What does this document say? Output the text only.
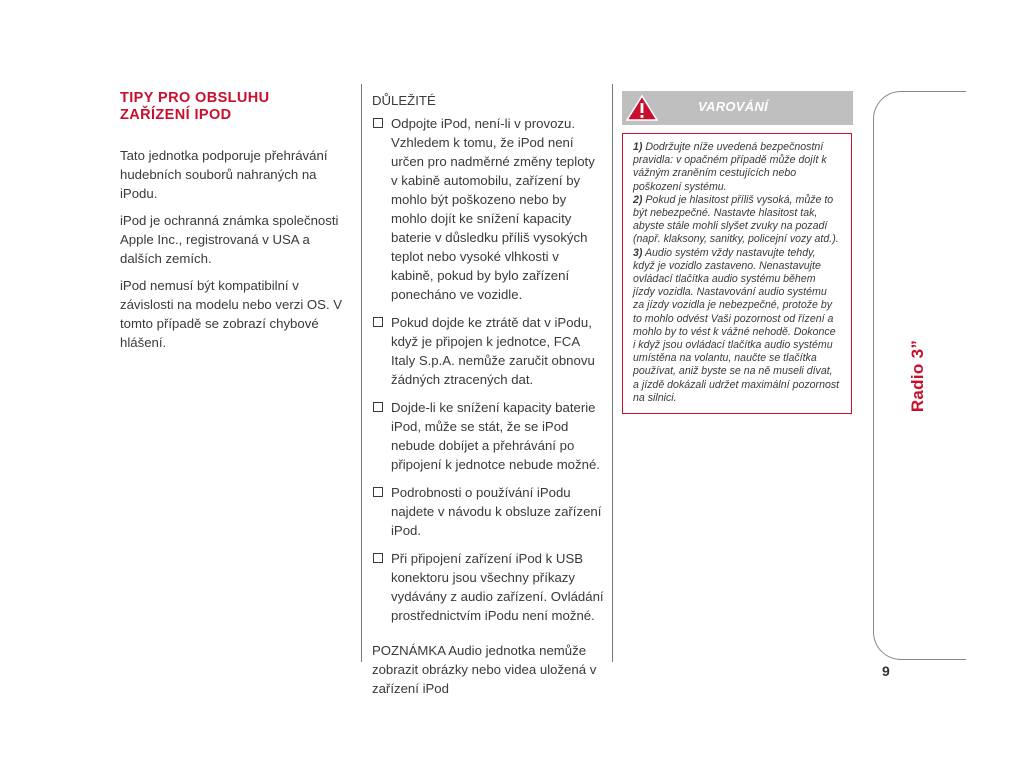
TIPY PRO OBSLUHU
ZAŘÍZENÍ IPOD

Tato jednotka podporuje přehrávání hudebních souborů nahraných na iPodu.

iPod je ochranná známka společnosti Apple Inc., registrovaná v USA a dalších zemích.

iPod nemusí být kompatibilní v závislosti na modelu nebo verzi OS. V tomto případě se zobrazí chybové hlášení.

DŮLEŽITÉ
Odpojte iPod, není-li v provozu. Vzhledem k tomu, že iPod není určen pro nadměrné změny teploty v kabině automobilu, zařízení by mohlo být poškozeno nebo by mohlo dojít ke snížení kapacity baterie v důsledku příliš vysokých teplot nebo vysoké vlhkosti v kabině, pokud by bylo zařízení ponecháno ve vozidle.
Pokud dojde ke ztrátě dat v iPodu, když je připojen k jednotce, FCA Italy S.p.A. nemůže zaručit obnovu žádných ztracených dat.
Dojde-li ke snížení kapacity baterie iPod, může se stát, že se iPod nebude dobíjet a přehrávání po připojení k jednotce nebude možné.
Podrobnosti o používání iPodu najdete v návodu k obsluze zařízení iPod.
Při připojení zařízení iPod k USB konektoru jsou všechny příkazy vydávány z audio zařízení. Ovládání prostřednictvím iPodu není možné.
POZNÁMKA Audio jednotka nemůže zobrazit obrázky nebo videa uložená v zařízení iPod
VAROVÁNÍ

1) Dodržujte níže uvedená bezpečnostní pravidla: v opačném případě může dojít k vážným zraněním cestujících nebo poškození systému.

2) Pokud je hlasitost příliš vysoká, může to být nebezpečné. Nastavte hlasitost tak, abyste stále mohli slyšet zvuky na pozadí (např. klaksony, sanitky, policejní vozy atd.).

3) Audio systém vždy nastavujte tehdy, když je vozidlo zastaveno. Nenastavujte ovládací tlačítka audio systému během jízdy vozidla. Nastavování audio systému za jízdy vozidla je nebezpečné, protože by to mohlo odvést Vaši pozornost od řízení a mohlo by to vést k vážné nehodě. Dokonce i když jsou ovládací tlačítka audio systému umístěna na volantu, naučte se tlačítka používat, aniž byste se na ně museli dívat, a jízdě dokázali udržet maximální pozornost na silnici.	Radio 3”
9
